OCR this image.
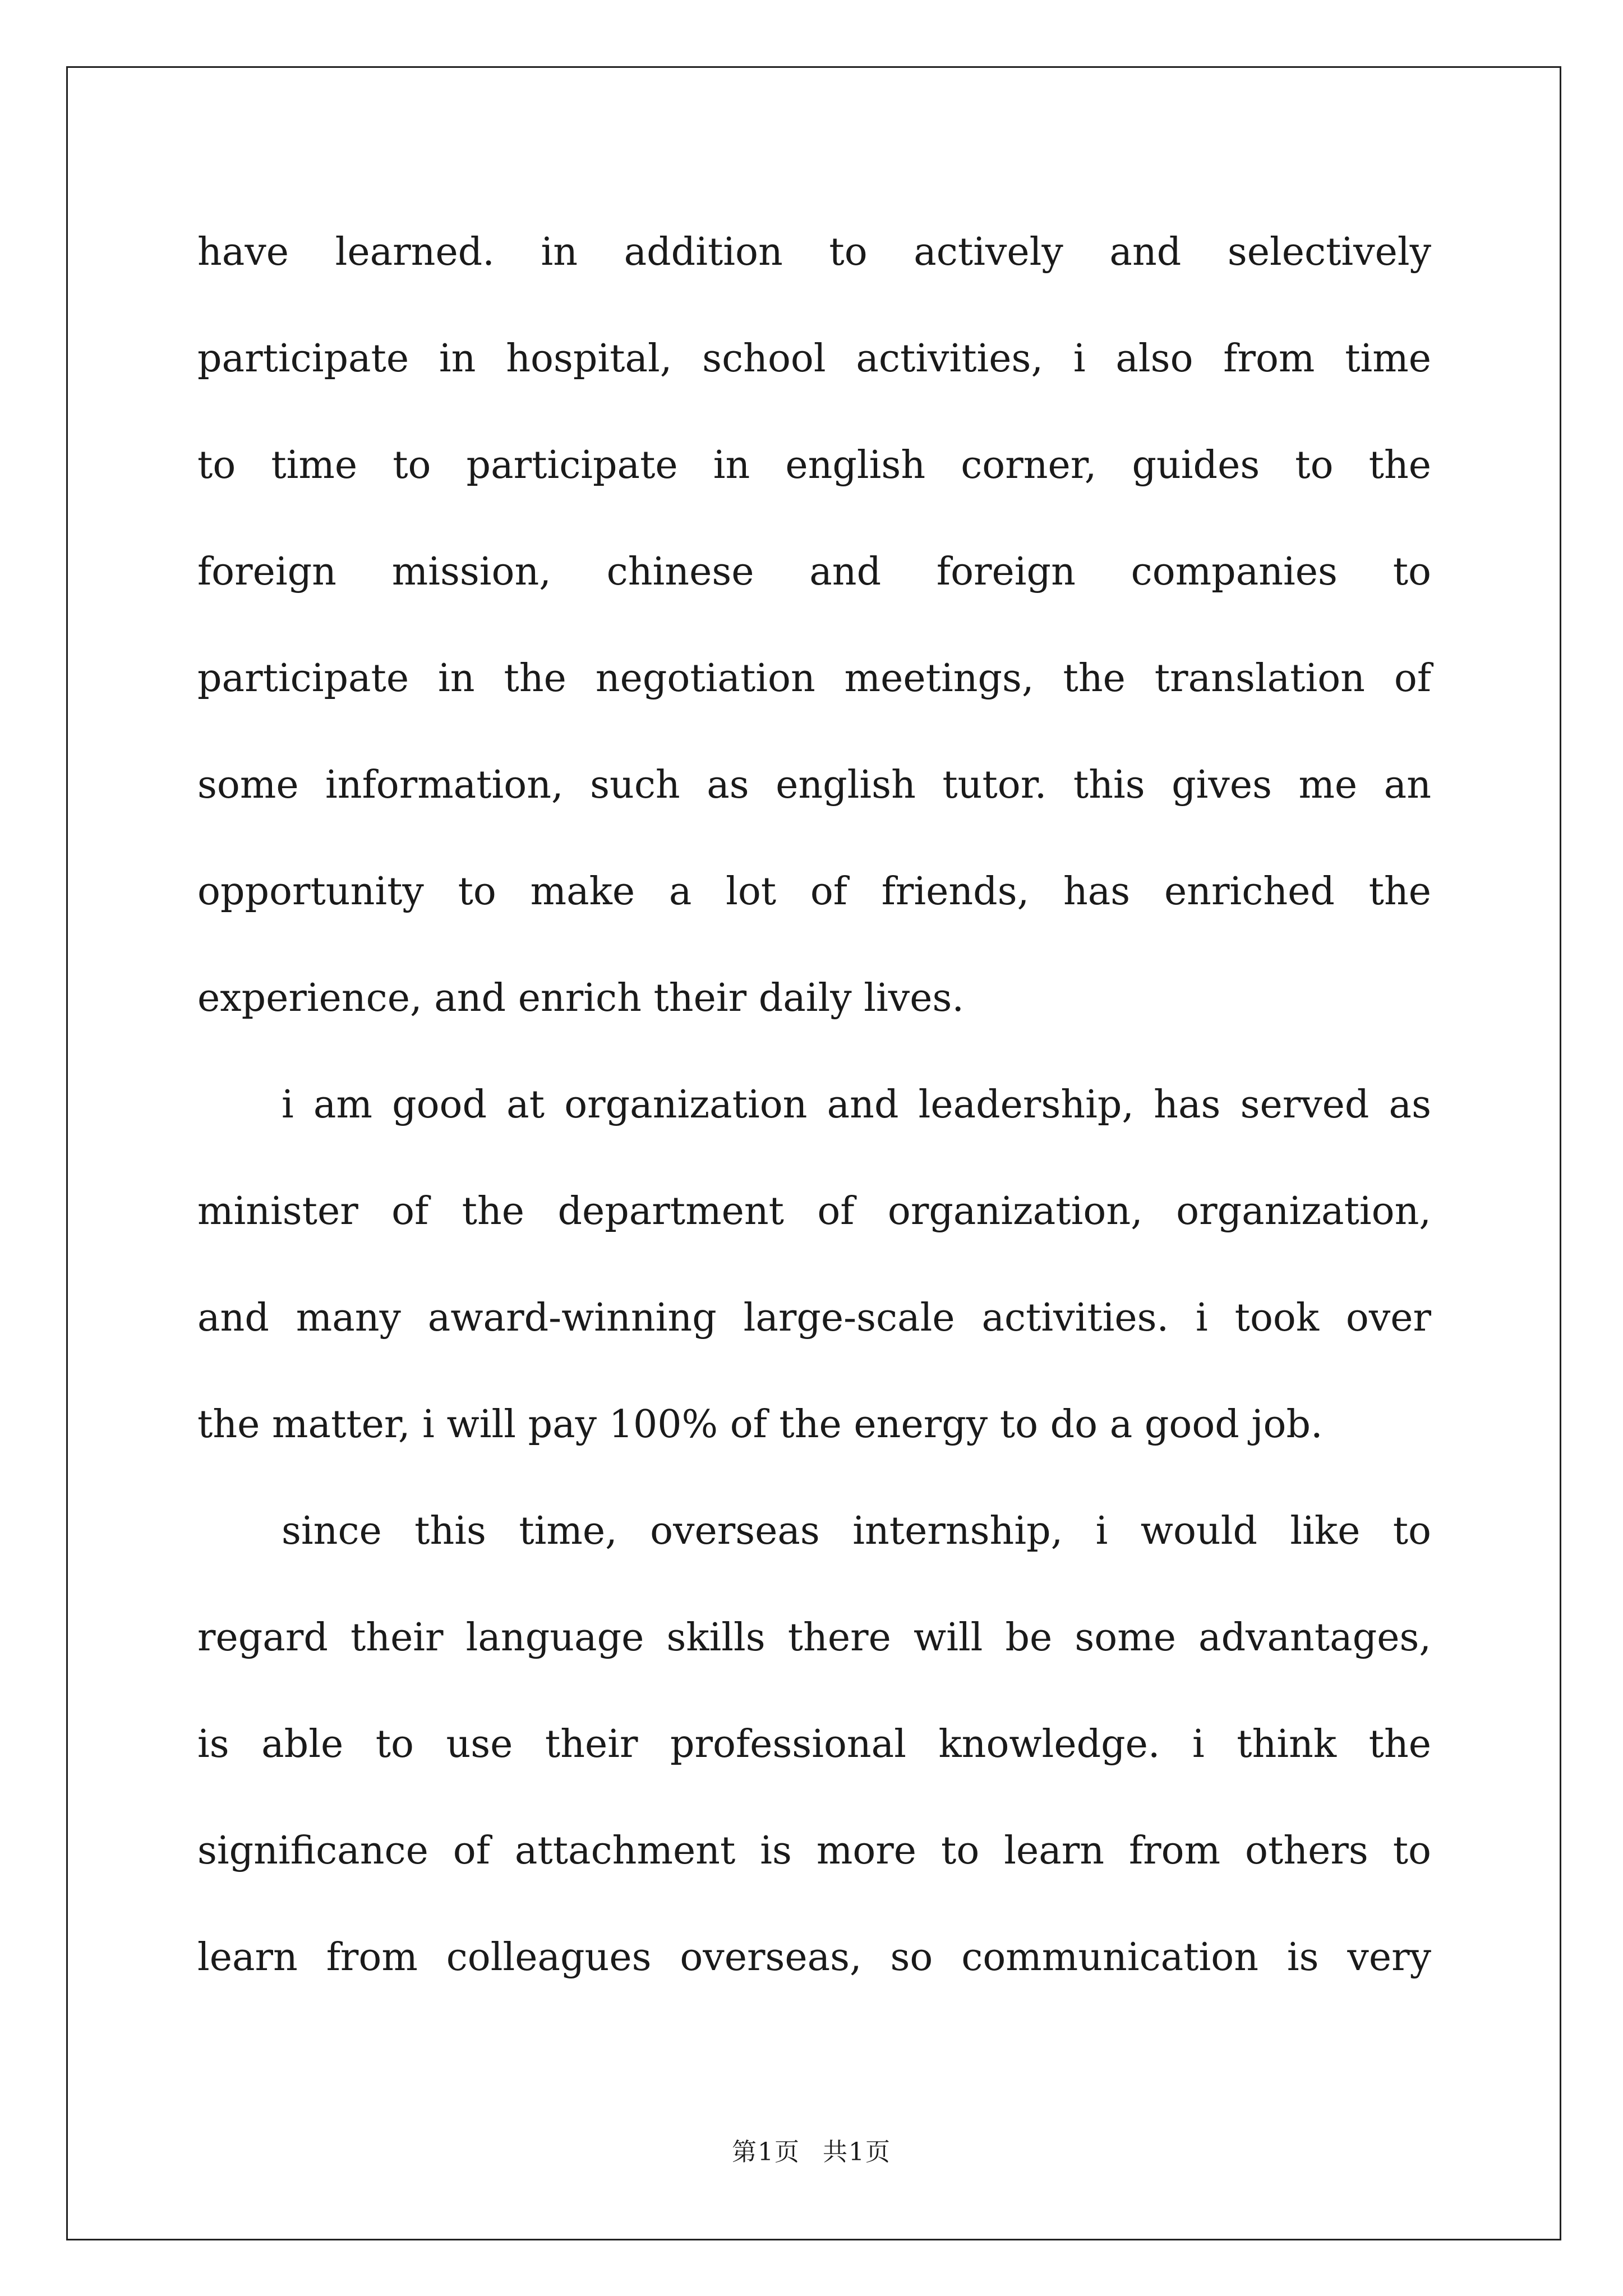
have learned. in addition to actively and selectively
participate in hospital, school activities, i also from time
to time to participate in english corner, guides to the
foreign mission, chinese and foreign companies to
participate in the negotiation meetings, the translation of
some information, such as english tutor. this gives me an
opportunity to make a lot of friends, has enriched the
experience, and enrich their daily lives.
i am good at organization and leadership, has served as
minister of the department of organization, organization,
and many award-winning large-scale activities. i took over
the matter, i will pay 100% of the energy to do a good job.
since this time, overseas internship, i would like to
regard their language skills there will be some advantages,
is able to use their professional knowledge. i think the
significance of attachment is more to learn from others to
learn from colleagues overseas, so communication is very
第1页 共1页
